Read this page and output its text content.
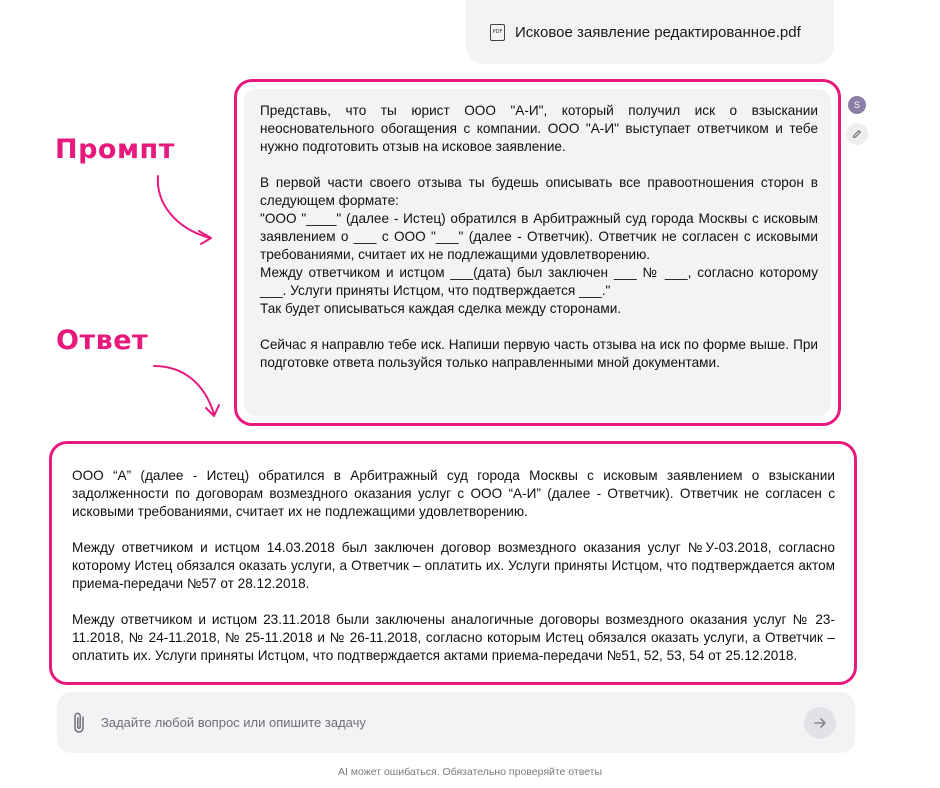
PDF Исковое заявление редактированное.pdf
Промпт
Ответ

Представь, что ты юрист ООО "А-И", который получил иск о взыскании неосновательного обогащения с компании. ООО "А-И" выступает ответчиком и тебе нужно подготовить отзыв на исковое заявление.

В первой части своего отзыва ты будешь описывать все правоотношения сторон в следующем формате:

"ООО "____" (далее - Истец) обратился в Арбитражный суд города Москвы с исковым заявлением о ___ с ООО "___" (далее - Ответчик). Ответчик не согласен с исковыми требованиями, считает их не подлежащими удовлетворению.

Между ответчиком и истцом ___(дата) был заключен ___ № ___, согласно которому ___. Услуги приняты Истцом, что подтверждается ___."

Так будет описываться каждая сделка между сторонами.

Сейчас я направлю тебе иск. Напиши первую часть отзыва на иск по форме выше. При подготовке ответа пользуйся только направленными мной документами.

S

ООО “А” (далее - Истец) обратился в Арбитражный суд города Москвы с исковым заявлением о взыскании задолженности по договорам возмездного оказания услуг с ООО “А-И” (далее - Ответчик). Ответчик не согласен с исковыми требованиями, считает их не подлежащими удовлетворению.

Между ответчиком и истцом 14.03.2018 был заключен договор возмездного оказания услуг №У-03.2018, согласно которому Истец обязался оказать услуги, а Ответчик – оплатить их. Услуги приняты Истцом, что подтверждается актом приема-передачи №57 от 28.12.2018.

Между ответчиком и истцом 23.11.2018 были заключены аналогичные договоры возмездного оказания услуг № 23-11.2018, № 24-11.2018, № 25-11.2018 и № 26-11.2018, согласно которым Истец обязался оказать услуги, а Ответчик – оплатить их. Услуги приняты Истцом, что подтверждается актами приема-передачи №51, 52, 53, 54 от 25.12.2018.

Задайте любой вопрос или опишите задачу
AI может ошибаться. Обязательно проверяйте ответы
